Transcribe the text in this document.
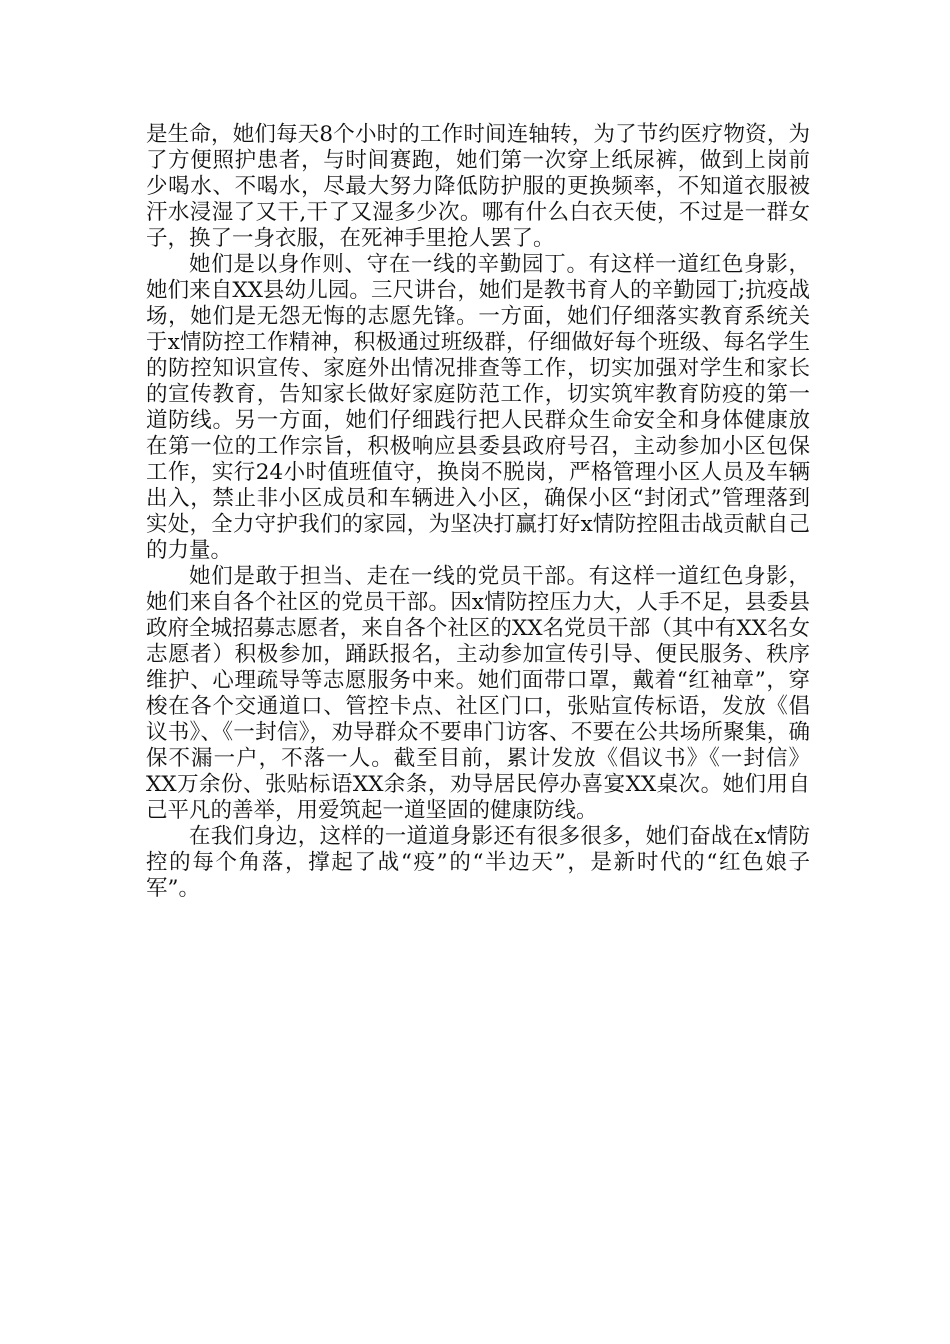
是生命，她们每天8个小时的工作时间连轴转，为了节约医疗物资，为了方便照护患者，与时间赛跑，她们第一次穿上纸尿裤，做到上岗前少喝水、不喝水，尽最大努力降低防护服的更换频率，不知道衣服被汗水浸湿了又干,干了又湿多少次。哪有什么白衣天使，不过是一群女子，换了一身衣服，在死神手里抢人罢了。

她们是以身作则、守在一线的辛勤园丁。有这样一道红色身影，她们来自XX县幼儿园。三尺讲台，她们是教书育人的辛勤园丁;抗疫战场，她们是无怨无悔的志愿先锋。一方面，她们仔细落实教育系统关于x情防控工作精神，积极通过班级群，仔细做好每个班级、每名学生的防控知识宣传、家庭外出情况排查等工作，切实加强对学生和家长的宣传教育，告知家长做好家庭防范工作，切实筑牢教育防疫的第一道防线。另一方面，她们仔细践行把人民群众生命安全和身体健康放在第一位的工作宗旨，积极响应县委县政府号召，主动参加小区包保工作，实行24小时值班值守，换岗不脱岗，严格管理小区人员及车辆出入，禁止非小区成员和车辆进入小区，确保小区“封闭式”管理落到实处，全力守护我们的家园，为坚决打赢打好x情防控阻击战贡献自己的力量。

她们是敢于担当、走在一线的党员干部。有这样一道红色身影，她们来自各个社区的党员干部。因x情防控压力大，人手不足，县委县政府全城招募志愿者，来自各个社区的XX名党员干部（其中有XX名女志愿者）积极参加，踊跃报名，主动参加宣传引导、便民服务、秩序维护、心理疏导等志愿服务中来。她们面带口罩，戴着“红袖章”，穿梭在各个交通道口、管控卡点、社区门口，张贴宣传标语，发放《倡议书》、《一封信》，劝导群众不要串门访客、不要在公共场所聚集，确保不漏一户，不落一人。截至目前，累计发放《倡议书》《一封信》XX万余份、张贴标语XX余条，劝导居民停办喜宴XX桌次。她们用自己平凡的善举，用爱筑起一道坚固的健康防线。

在我们身边，这样的一道道身影还有很多很多，她们奋战在x情防控的每个角落，撑起了战“疫”的“半边天”，是新时代的“红色娘子军”。
